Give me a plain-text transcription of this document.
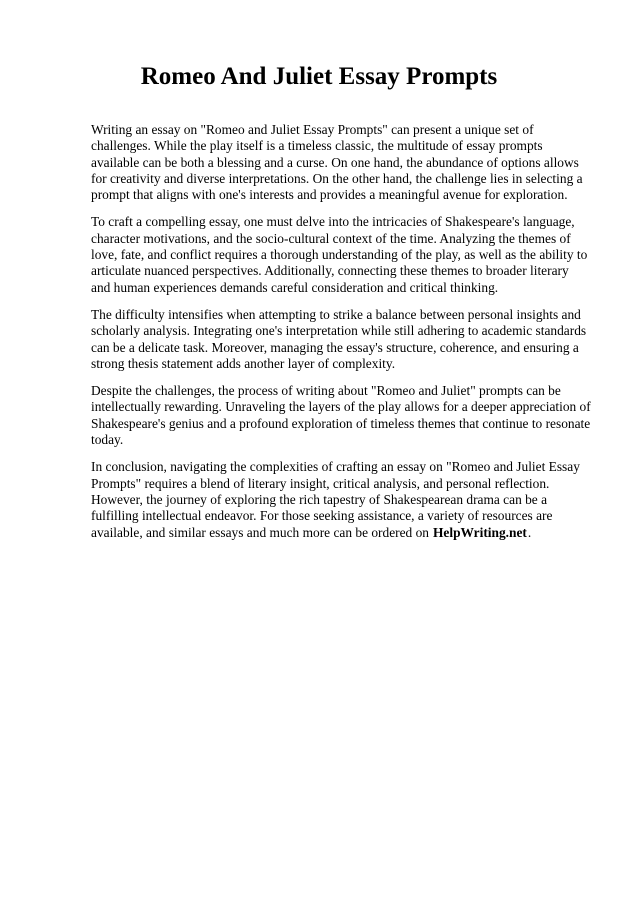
Romeo And Juliet Essay Prompts

Writing an essay on "Romeo and Juliet Essay Prompts" can present a unique set of challenges. While the play itself is a timeless classic, the multitude of essay prompts available can be both a blessing and a curse. On one hand, the abundance of options allows for creativity and diverse interpretations. On the other hand, the challenge lies in selecting a prompt that aligns with one's interests and provides a meaningful avenue for exploration.

To craft a compelling essay, one must delve into the intricacies of Shakespeare's language, character motivations, and the socio-cultural context of the time. Analyzing the themes of love, fate, and conflict requires a thorough understanding of the play, as well as the ability to articulate nuanced perspectives. Additionally, connecting these themes to broader literary and human experiences demands careful consideration and critical thinking.

The difficulty intensifies when attempting to strike a balance between personal insights and scholarly analysis. Integrating one's interpretation while still adhering to academic standards can be a delicate task. Moreover, managing the essay's structure, coherence, and ensuring a strong thesis statement adds another layer of complexity.

Despite the challenges, the process of writing about "Romeo and Juliet" prompts can be intellectually rewarding. Unraveling the layers of the play allows for a deeper appreciation of Shakespeare's genius and a profound exploration of timeless themes that continue to resonate today.

In conclusion, navigating the complexities of crafting an essay on "Romeo and Juliet Essay Prompts" requires a blend of literary insight, critical analysis, and personal reflection. However, the journey of exploring the rich tapestry of Shakespearean drama can be a fulfilling intellectual endeavor. For those seeking assistance, a variety of resources are available, and similar essays and much more can be ordered on HelpWriting.net.
